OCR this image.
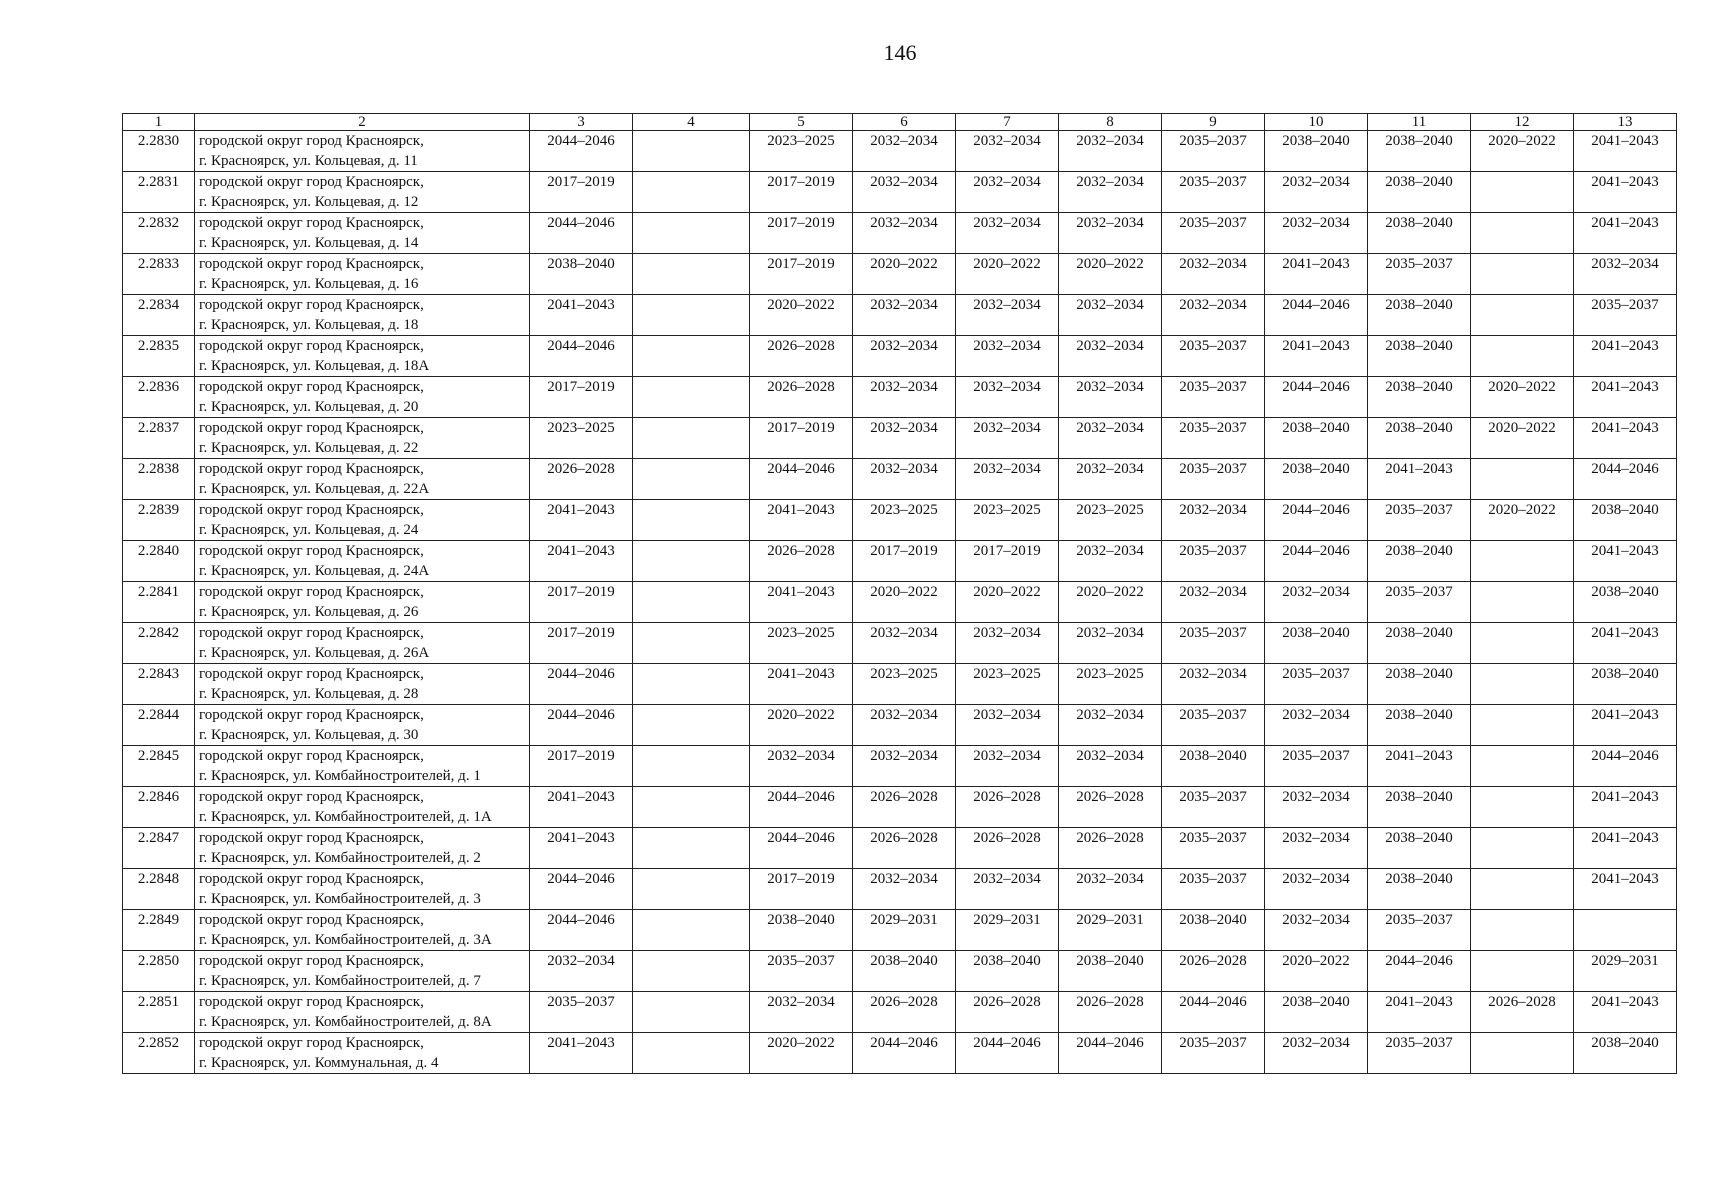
146
1	2	3	4	5	6	7	8	9	10	11	12	13
2.2830	городской округ город Красноярск,
г. Красноярск, ул. Кольцевая, д. 11	2044–2046		2023–2025	2032–2034	2032–2034	2032–2034	2035–2037	2038–2040	2038–2040	2020–2022	2041–2043
2.2831	городской округ город Красноярск,
г. Красноярск, ул. Кольцевая, д. 12	2017–2019		2017–2019	2032–2034	2032–2034	2032–2034	2035–2037	2032–2034	2038–2040		2041–2043
2.2832	городской округ город Красноярск,
г. Красноярск, ул. Кольцевая, д. 14	2044–2046		2017–2019	2032–2034	2032–2034	2032–2034	2035–2037	2032–2034	2038–2040		2041–2043
2.2833	городской округ город Красноярск,
г. Красноярск, ул. Кольцевая, д. 16	2038–2040		2017–2019	2020–2022	2020–2022	2020–2022	2032–2034	2041–2043	2035–2037		2032–2034
2.2834	городской округ город Красноярск,
г. Красноярск, ул. Кольцевая, д. 18	2041–2043		2020–2022	2032–2034	2032–2034	2032–2034	2032–2034	2044–2046	2038–2040		2035–2037
2.2835	городской округ город Красноярск,
г. Красноярск, ул. Кольцевая, д. 18А	2044–2046		2026–2028	2032–2034	2032–2034	2032–2034	2035–2037	2041–2043	2038–2040		2041–2043
2.2836	городской округ город Красноярск,
г. Красноярск, ул. Кольцевая, д. 20	2017–2019		2026–2028	2032–2034	2032–2034	2032–2034	2035–2037	2044–2046	2038–2040	2020–2022	2041–2043
2.2837	городской округ город Красноярск,
г. Красноярск, ул. Кольцевая, д. 22	2023–2025		2017–2019	2032–2034	2032–2034	2032–2034	2035–2037	2038–2040	2038–2040	2020–2022	2041–2043
2.2838	городской округ город Красноярск,
г. Красноярск, ул. Кольцевая, д. 22А	2026–2028		2044–2046	2032–2034	2032–2034	2032–2034	2035–2037	2038–2040	2041–2043		2044–2046
2.2839	городской округ город Красноярск,
г. Красноярск, ул. Кольцевая, д. 24	2041–2043		2041–2043	2023–2025	2023–2025	2023–2025	2032–2034	2044–2046	2035–2037	2020–2022	2038–2040
2.2840	городской округ город Красноярск,
г. Красноярск, ул. Кольцевая, д. 24А	2041–2043		2026–2028	2017–2019	2017–2019	2032–2034	2035–2037	2044–2046	2038–2040		2041–2043
2.2841	городской округ город Красноярск,
г. Красноярск, ул. Кольцевая, д. 26	2017–2019		2041–2043	2020–2022	2020–2022	2020–2022	2032–2034	2032–2034	2035–2037		2038–2040
2.2842	городской округ город Красноярск,
г. Красноярск, ул. Кольцевая, д. 26А	2017–2019		2023–2025	2032–2034	2032–2034	2032–2034	2035–2037	2038–2040	2038–2040		2041–2043
2.2843	городской округ город Красноярск,
г. Красноярск, ул. Кольцевая, д. 28	2044–2046		2041–2043	2023–2025	2023–2025	2023–2025	2032–2034	2035–2037	2038–2040		2038–2040
2.2844	городской округ город Красноярск,
г. Красноярск, ул. Кольцевая, д. 30	2044–2046		2020–2022	2032–2034	2032–2034	2032–2034	2035–2037	2032–2034	2038–2040		2041–2043
2.2845	городской округ город Красноярск,
г. Красноярск, ул. Комбайностроителей, д. 1	2017–2019		2032–2034	2032–2034	2032–2034	2032–2034	2038–2040	2035–2037	2041–2043		2044–2046
2.2846	городской округ город Красноярск,
г. Красноярск, ул. Комбайностроителей, д. 1А	2041–2043		2044–2046	2026–2028	2026–2028	2026–2028	2035–2037	2032–2034	2038–2040		2041–2043
2.2847	городской округ город Красноярск,
г. Красноярск, ул. Комбайностроителей, д. 2	2041–2043		2044–2046	2026–2028	2026–2028	2026–2028	2035–2037	2032–2034	2038–2040		2041–2043
2.2848	городской округ город Красноярск,
г. Красноярск, ул. Комбайностроителей, д. 3	2044–2046		2017–2019	2032–2034	2032–2034	2032–2034	2035–2037	2032–2034	2038–2040		2041–2043
2.2849	городской округ город Красноярск,
г. Красноярск, ул. Комбайностроителей, д. 3А	2044–2046		2038–2040	2029–2031	2029–2031	2029–2031	2038–2040	2032–2034	2035–2037		
2.2850	городской округ город Красноярск,
г. Красноярск, ул. Комбайностроителей, д. 7	2032–2034		2035–2037	2038–2040	2038–2040	2038–2040	2026–2028	2020–2022	2044–2046		2029–2031
2.2851	городской округ город Красноярск,
г. Красноярск, ул. Комбайностроителей, д. 8А	2035–2037		2032–2034	2026–2028	2026–2028	2026–2028	2044–2046	2038–2040	2041–2043	2026–2028	2041–2043
2.2852	городской округ город Красноярск,
г. Красноярск, ул. Коммунальная, д. 4	2041–2043		2020–2022	2044–2046	2044–2046	2044–2046	2035–2037	2032–2034	2035–2037		2038–2040
